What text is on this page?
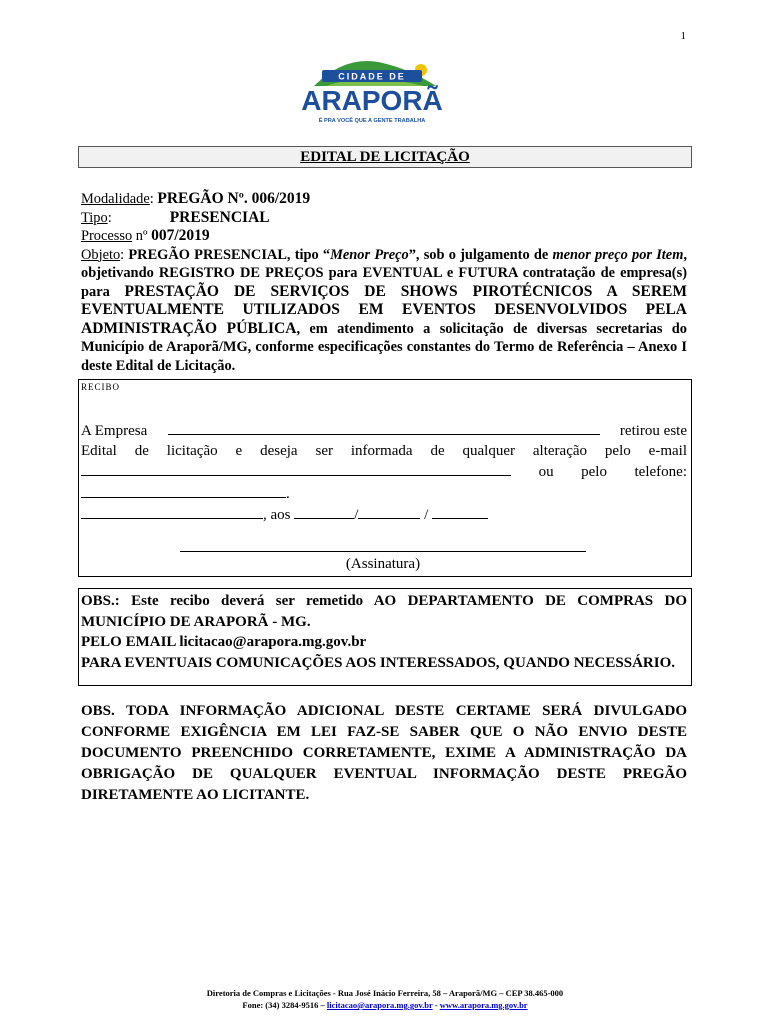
1
CIDADE DE
ARAPORÃ
É PRA VOCÊ QUE A GENTE TRABALHA
EDITAL DE LICITAÇÃO
Modalidade: PREGÃO Nº. 006/2019
Tipo:	PRESENCIAL
Processo nº 007/2019
Objeto: PREGÃO PRESENCIAL, tipo “Menor Preço”, sob o julgamento de menor preço por Item, objetivando REGISTRO DE PREÇOS para EVENTUAL e FUTURA contratação de empresa(s) para PRESTAÇÃO DE SERVIÇOS DE SHOWS PIROTÉCNICOS A SEREM EVENTUALMENTE UTILIZADOS EM EVENTOS DESENVOLVIDOS PELA ADMINISTRAÇÃO PÚBLICA, em atendimento a solicitação de diversas secretarias do Município de Araporã/MG, conforme especificações constantes do Termo de Referência – Anexo I deste Edital de Licitação.
RECIBO
A Empresa	retirou este
Edital de licitação e deseja ser informada de qualquer alteração pelo e-mail
ou pelo telefone:
.
, aos	/	/
(Assinatura)
OBS.: Este recibo deverá ser remetido AO DEPARTAMENTO DE COMPRAS DO MUNICÍPIO DE ARAPORÃ - MG.
PELO EMAIL licitacao@arapora.mg.gov.br
PARA EVENTUAIS COMUNICAÇÕES AOS INTERESSADOS, QUANDO NECESSÁRIO.
OBS. TODA INFORMAÇÃO ADICIONAL DESTE CERTAME SERÁ DIVULGADO CONFORME EXIGÊNCIA EM LEI FAZ-SE SABER QUE O NÃO ENVIO DESTE DOCUMENTO PREENCHIDO CORRETAMENTE, EXIME A ADMINISTRAÇÃO DA OBRIGAÇÃO DE QUALQUER EVENTUAL INFORMAÇÃO DESTE PREGÃO DIRETAMENTE AO LICITANTE.
Diretoria de Compras e Licitações - Rua José Inácio Ferreira, 58 – Araporã/MG – CEP 38.465-000
Fone: (34) 3284-9516 – licitacao@arapora.mg.gov.br - www.arapora.mg.gov.br
